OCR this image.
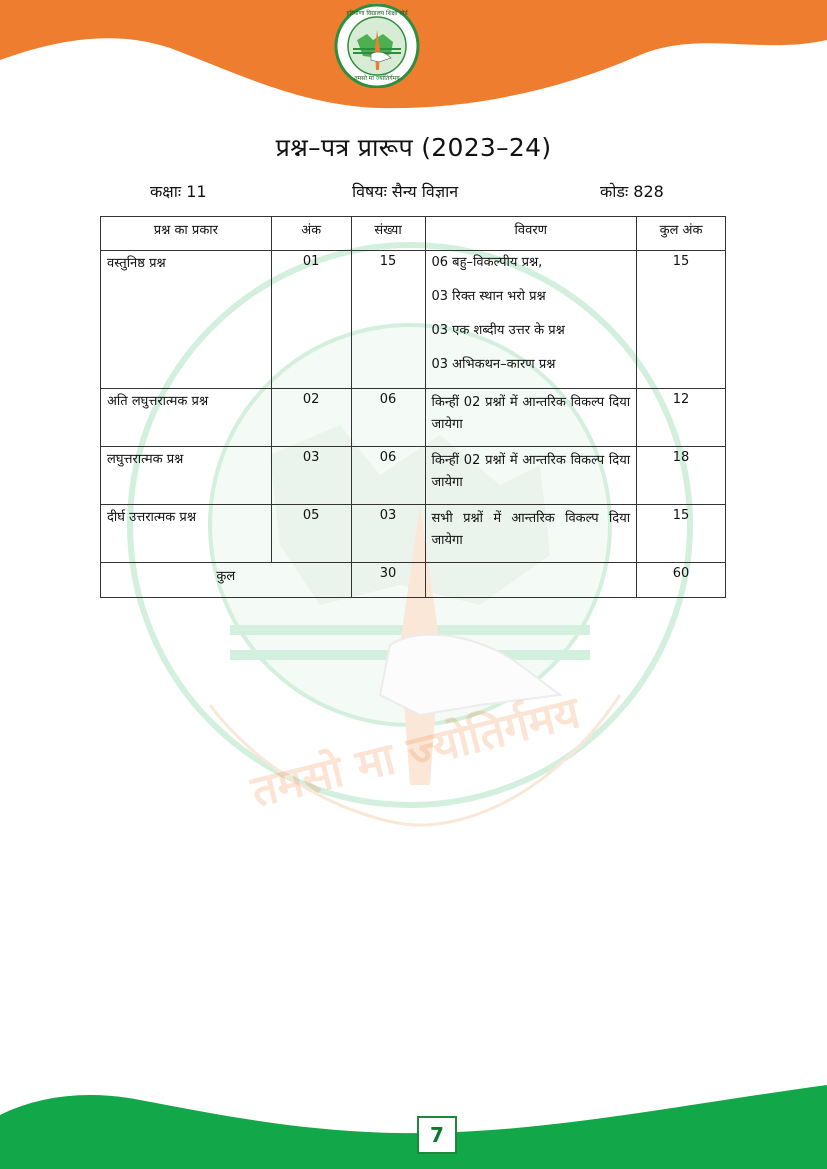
तमसो मा ज्योतिर्गमय
हरियाणा विद्यालय शिक्षा बोर्ड
तमसो मा ज्योतिर्गमय
प्रश्न–पत्र प्रारूप (2023–24)
कक्षाः 11	विषयः सैन्य विज्ञान	कोडः 828
प्रश्न का प्रकार	अंक	संख्या	विवरण	कुल अंक
वस्तुनिष्ठ प्रश्न	01	15	06 बहु–विकल्पीय प्रश्न,
03 रिक्त स्थान भरो प्रश्न
03 एक शब्दीय उत्तर के प्रश्न
03 अभिकथन–कारण प्रश्न	15
अति लघुत्तरात्मक प्रश्न	02	06	किन्हीं 02 प्रश्नों में आन्तरिक विकल्प दिया जायेगा	12
लघुत्तरात्मक प्रश्न	03	06	किन्हीं 02 प्रश्नों में आन्तरिक विकल्प दिया जायेगा	18
दीर्घ उत्तरात्मक प्रश्न	05	03	सभी प्रश्नों में आन्तरिक विकल्प दिया जायेगा	15
कुल		30		60
7
